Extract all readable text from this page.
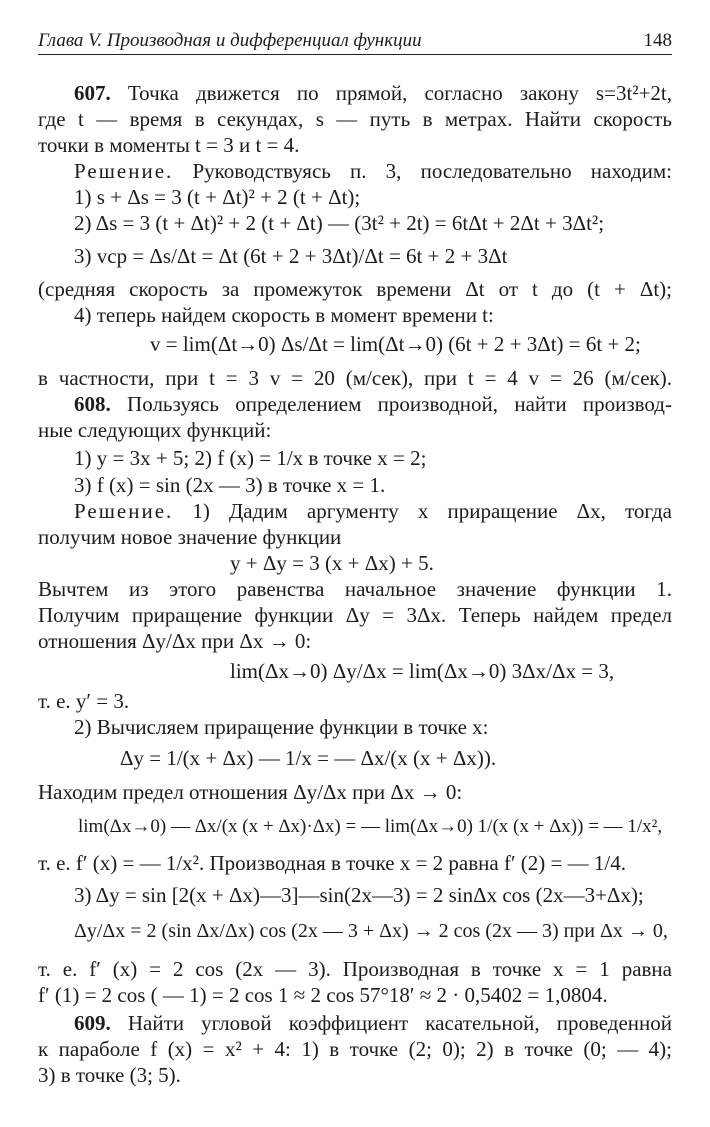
Глава V. Производная и дифференциал функции	148
607. Точка движется по прямой, согласно закону s=3t²+2t,
где t — время в секундах, s — путь в метрах. Найти скорость
точки в моменты t = 3 и t = 4.
Решение. Руководствуясь п. 3, последовательно находим:
1) s + Δs = 3 (t + Δt)² + 2 (t + Δt);
2) Δs = 3 (t + Δt)² + 2 (t + Δt) — (3t² + 2t) = 6tΔt + 2Δt + 3Δt²;
3) vср = Δs/Δt = Δt (6t + 2 + 3Δt)/Δt = 6t + 2 + 3Δt
(средняя скорость за промежуток времени Δt от t до (t + Δt);
4) теперь найдем скорость в момент времени t:
v = lim(Δt→0) Δs/Δt = lim(Δt→0) (6t + 2 + 3Δt) = 6t + 2;
в частности, при t = 3 v = 20 (м/сек), при t = 4 v = 26 (м/сек).
608. Пользуясь определением производной, найти производ-
ные следующих функций:
1) y = 3x + 5; 2) f (x) = 1/x в точке x = 2;
3) f (x) = sin (2x — 3) в точке x = 1.
Решение. 1) Дадим аргументу x приращение Δx, тогда
получим новое значение функции
y + Δy = 3 (x + Δx) + 5.
Вычтем из этого равенства начальное значение функции 1.
Получим приращение функции Δy = 3Δx. Теперь найдем предел
отношения Δy/Δx при Δx → 0:
lim(Δx→0) Δy/Δx = lim(Δx→0) 3Δx/Δx = 3,
т. е. y′ = 3.
2) Вычисляем приращение функции в точке x:
Δy = 1/(x + Δx) — 1/x = — Δx/(x (x + Δx)).
Находим предел отношения Δy/Δx при Δx → 0:
lim(Δx→0) — Δx/(x (x + Δx)·Δx) = — lim(Δx→0) 1/(x (x + Δx)) = — 1/x²,
т. е. f′ (x) = — 1/x². Производная в точке x = 2 равна f′ (2) = — 1/4.
3) Δy = sin [2(x + Δx)—3]—sin(2x—3) = 2 sinΔx cos (2x—3+Δx);
Δy/Δx = 2 (sin Δx/Δx) cos (2x — 3 + Δx) → 2 cos (2x — 3) при Δx → 0,
т. е. f′ (x) = 2 cos (2x — 3). Производная в точке x = 1 равна
f′ (1) = 2 cos ( — 1) = 2 cos 1 ≈ 2 cos 57°18′ ≈ 2 · 0,5402 = 1,0804.
609. Найти угловой коэффициент касательной, проведенной
к параболе f (x) = x² + 4: 1) в точке (2; 0); 2) в точке (0; — 4);
3) в точке (3; 5).
